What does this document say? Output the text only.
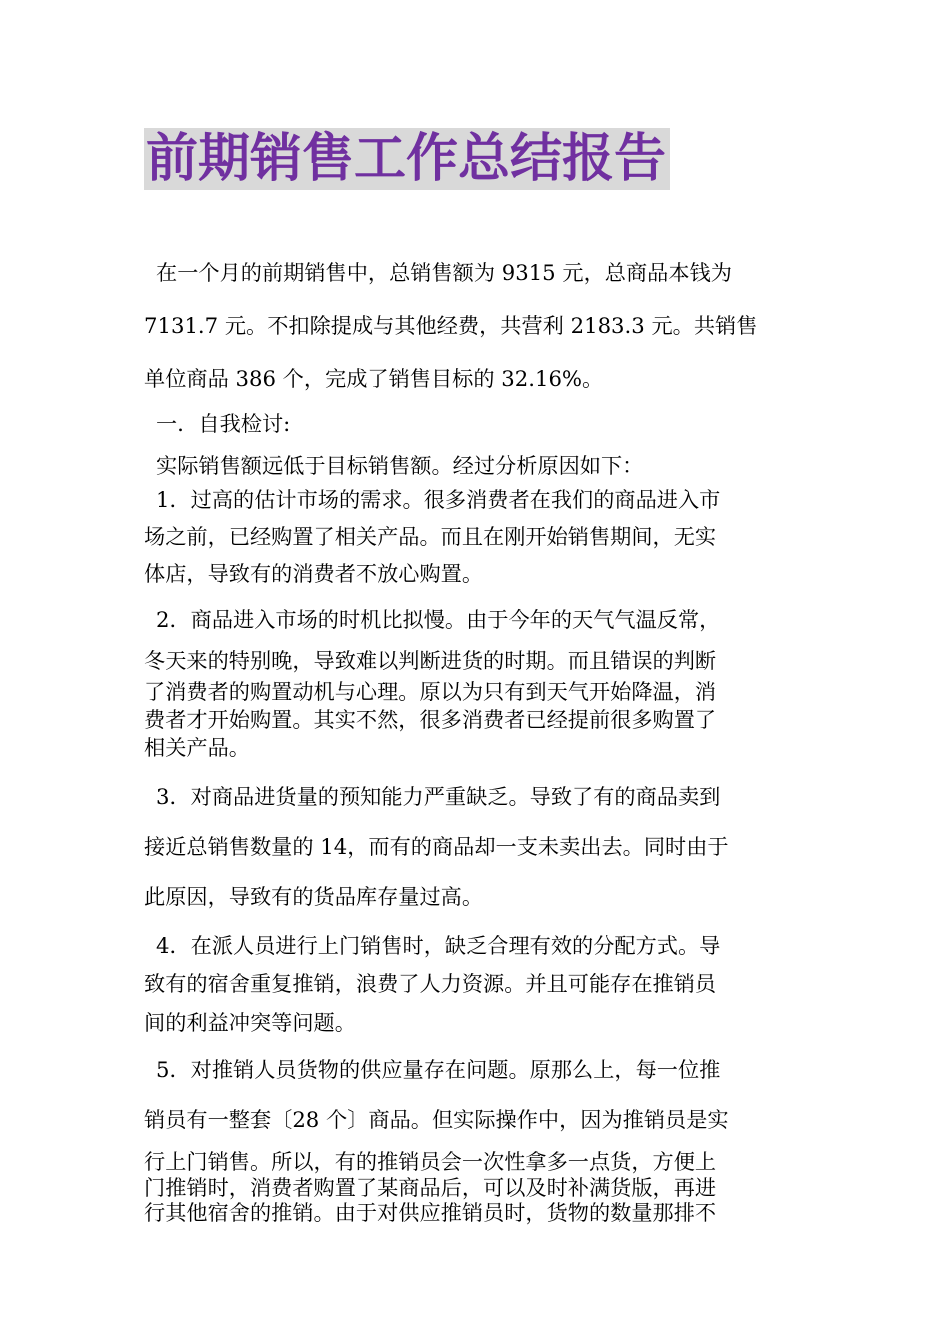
前期销售工作总结报告
在一个月的前期销售中，总销售额为 9315 元，总商品本钱为
7131.7 元。不扣除提成与其他经费，共营利 2183.3 元。共销售
单位商品 386 个，完成了销售目标的 32.16%。
一．自我检讨:
实际销售额远低于目标销售额。经过分析原因如下：
1．过高的估计市场的需求。很多消费者在我们的商品进入市
场之前，已经购置了相关产品。而且在刚开始销售期间，无实
体店，导致有的消费者不放心购置。
2．商品进入市场的时机比拟慢。由于今年的天气气温反常，
冬天来的特别晚，导致难以判断进货的时期。而且错误的判断
了消费者的购置动机与心理。原以为只有到天气开始降温，消
费者才开始购置。其实不然，很多消费者已经提前很多购置了
相关产品。
3．对商品进货量的预知能力严重缺乏。导致了有的商品卖到
接近总销售数量的 14，而有的商品却一支未卖出去。同时由于
此原因，导致有的货品库存量过高。
4．在派人员进行上门销售时，缺乏合理有效的分配方式。导
致有的宿舍重复推销，浪费了人力资源。并且可能存在推销员
间的利益冲突等问题。
5．对推销人员货物的供应量存在问题。原那么上，每一位推
销员有一整套〔28 个〕商品。但实际操作中，因为推销员是实
行上门销售。所以，有的推销员会一次性拿多一点货，方便上
门推销时，消费者购置了某商品后，可以及时补满货版，再进
行其他宿舍的推销。由于对供应推销员时，货物的数量那排不
